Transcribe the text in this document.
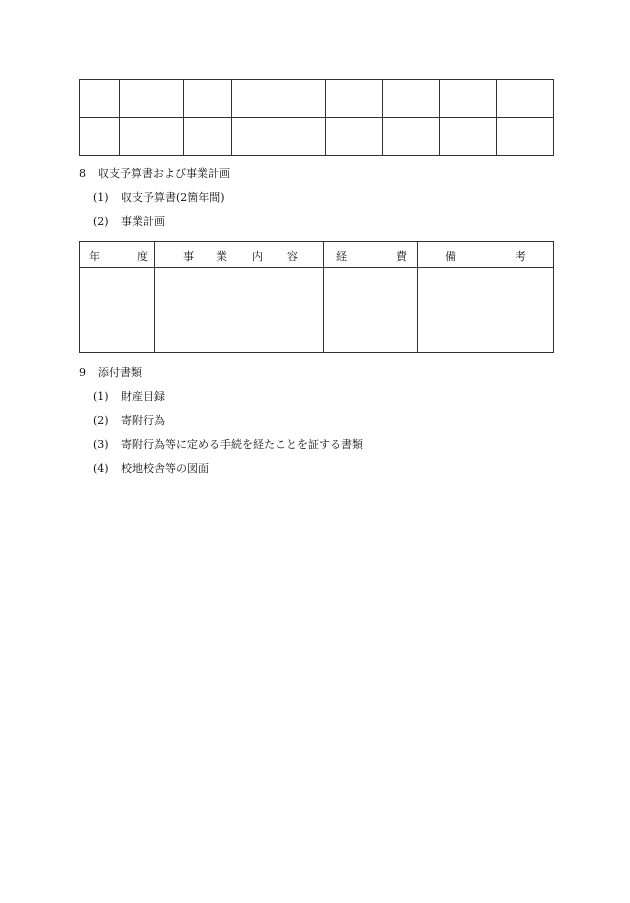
8 収支予算書および事業計画
(1) 収支予算書(2箇年間)
(2) 事業計画
年 度	事 業 内 容	経 費	備 考

9 添付書類
(1) 財産目録
(2) 寄附行為
(3) 寄附行為等に定める手続を経たことを証する書類
(4) 校地校舎等の図面
